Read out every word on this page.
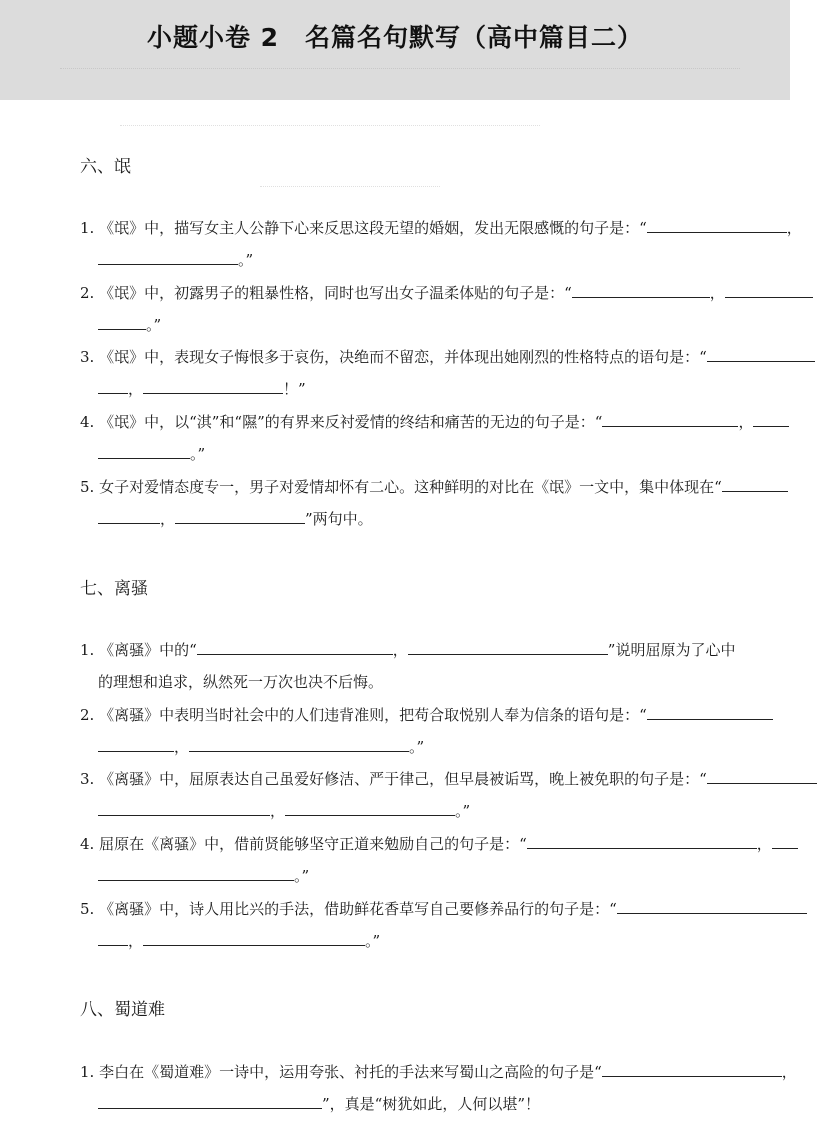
小题小卷 2 名篇名句默写（高中篇目二）
六、氓
1. 《氓》中，描写女主人公静下心来反思这段无望的婚姻，发出无限感慨的句子是：“	，
。”
2. 《氓》中，初露男子的粗暴性格，同时也写出女子温柔体贴的句子是：“	，
。”
3. 《氓》中，表现女子悔恨多于哀伤，决绝而不留恋，并体现出她刚烈的性格特点的语句是：“
，	！”
4. 《氓》中，以“淇”和“隰”的有界来反衬爱情的终结和痛苦的无边的句子是：“	，
。”
5. 女子对爱情态度专一，男子对爱情却怀有二心。这种鲜明的对比在《氓》一文中，集中体现在“
，	”两句中。
七、离骚
1. 《离骚》中的“	，	”说明屈原为了心中
的理想和追求，纵然死一万次也决不后悔。
2. 《离骚》中表明当时社会中的人们违背准则，把苟合取悦别人奉为信条的语句是：“
，	。”
3. 《离骚》中，屈原表达自己虽爱好修洁、严于律己，但早晨被诟骂，晚上被免职的句子是：“
，	。”
4. 屈原在《离骚》中，借前贤能够坚守正道来勉励自己的句子是：“	，
。”
5. 《离骚》中，诗人用比兴的手法，借助鲜花香草写自己要修养品行的句子是：“
，	。”
八、蜀道难
1. 李白在《蜀道难》一诗中，运用夸张、衬托的手法来写蜀山之高险的句子是“	，
”，真是“树犹如此，人何以堪”！
